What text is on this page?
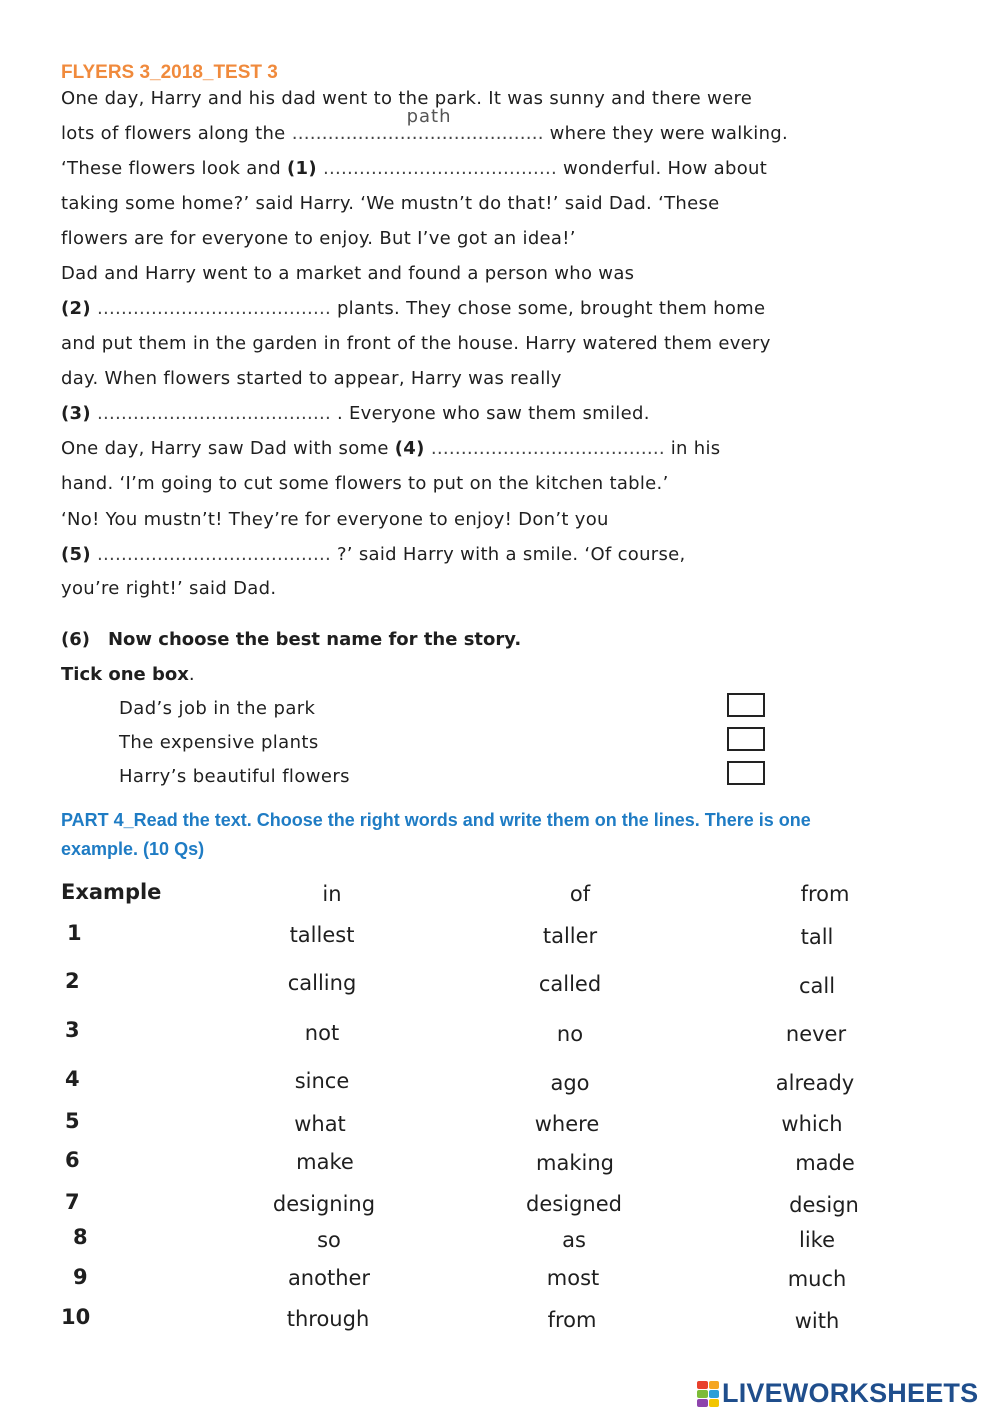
FLYERS 3_2018_TEST 3
One day, Harry and his dad went to the park. It was sunny and there were
lots of flowers along the ……………………………………
path
where they were walking.
‘These flowers look and (1) ………………………………… wonderful. How about
taking some home?’ said Harry. ‘We mustn’t do that!’ said Dad. ‘These
flowers are for everyone to enjoy. But I’ve got an idea!’
Dad and Harry went to a market and found a person who was
(2) ………………………………… plants. They chose some, brought them home
and put them in the garden in front of the house. Harry watered them every
day. When flowers started to appear, Harry was really
(3) ………………………………… . Everyone who saw them smiled.
One day, Harry saw Dad with some (4) ………………………………… in his
hand. ‘I’m going to cut some flowers to put on the kitchen table.’
‘No! You mustn’t! They’re for everyone to enjoy! Don’t you
(5) ………………………………… ?’ said Harry with a smile. ‘Of course,
you’re right!’ said Dad.
(6) Now choose the best name for the story.
Tick one box.
Dad’s job in the park
The expensive plants
Harry’s beautiful flowers
PART 4_Read the text. Choose the right words and write them on the lines. There is one example. (10 Qs)
Example	in	of	from
1	tallest	taller	tall
2	calling	called	call
3	not	no	never
4	since	ago	already
5	what	where	which
6	make	making	made
7	designing	designed	design
8	so	as	like
9	another	most	much
10	through	from	with
LIVEWORKSHEETS
